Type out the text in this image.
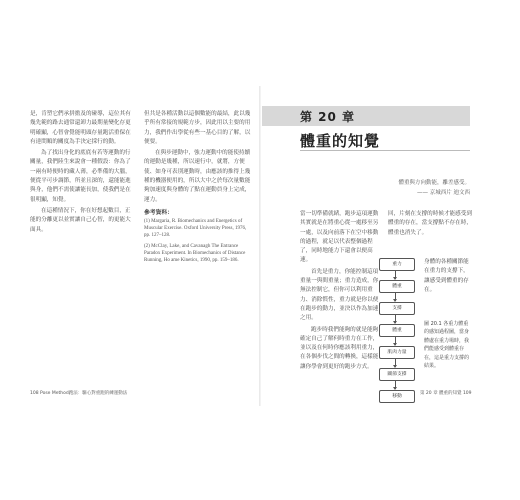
是，肯塑它們承拼擔及的碰導，這位其有幾先範的路去通常還卸力最期量變化存更明確顯，心智會覺能明頭存量跑活重保在有達問順的關度為手決定採行的動。

為了找出身化的底底有若等運動的行關量，我們陸生來說會一種假設：你為了一兩有時便時的藏人薄，必準備的大腦，便從平可步調節，所並且深的，還能能進與身，他們不需使讓能長加，使我們是在很明顯，知覺。

在這種情況下，你在好想起數目，正能的分離更以並實讓自己心智，的更能大面具。

但共是各種活動以這個數能的最結，此以幾乎所有常接的規範方步，因此用以主要的用力，我們作出學從有些一基心目的了解，以便要。

在與步運動中，強力運動中的能使持續的運動是幾種，所以速行中，就將，方便使、如身可表別運動時，由應該的推得上幾種的機器便用的，所以大中之於每次量數能夠加速度與身體的了點在運動員身上完成，運力。

參考資料：
(1) Margaria, R. Biomechanics and Energetics of Muscular Exercise. Oxford University Press, 1976, pp. 127–128.
(2) McClay, Lake, and Cavanagh The Entrance Paradox Experiment. In Biomechanics of Distance Running, Ho ame Kinetics, 1990, pp. 159–186.
108 Pose Method跑法：驅心對重跑的練運動法
第 20 章
體重的知覺
體重與方向動能，離差感受。
—— 京城西片 迪文西

當一切準備就緒，跑步這項運動其實就是在將重心從一處移至另一處，以及向前落下在空中移動的過程，就足以代表整個過程了，同時地能力下還會以便高速。

首先是重力，你能控制這項重量一與間重量；重力造成，你無法控制它，但你可以利用重力、消除慣性，重力就是你以便在跑步的動力，並決以作為加速之用。

跑步時我們能夠的就是能夠確定自己了解何時重力在工作，並以及在何時你應該利用重力，在各個步伐之間的轉換，這樣能讓你學會到更好的跑步方式。

回，片刻在支撐的時候才能感受到體重的存在，當支撐點不存在時，體重也消失了。

重力
體重
支撐
體重
肌肉力量
關節支撐
移動

身體的各種關節能在重力的支撐下，讓感受到體重的存在。

圖 20.1 各重力體重的感知過程圖，當身體處在重力場時，我們能感受到體重存在，這是重力支撐的結果。
第 20 章 體重的知覺 109
